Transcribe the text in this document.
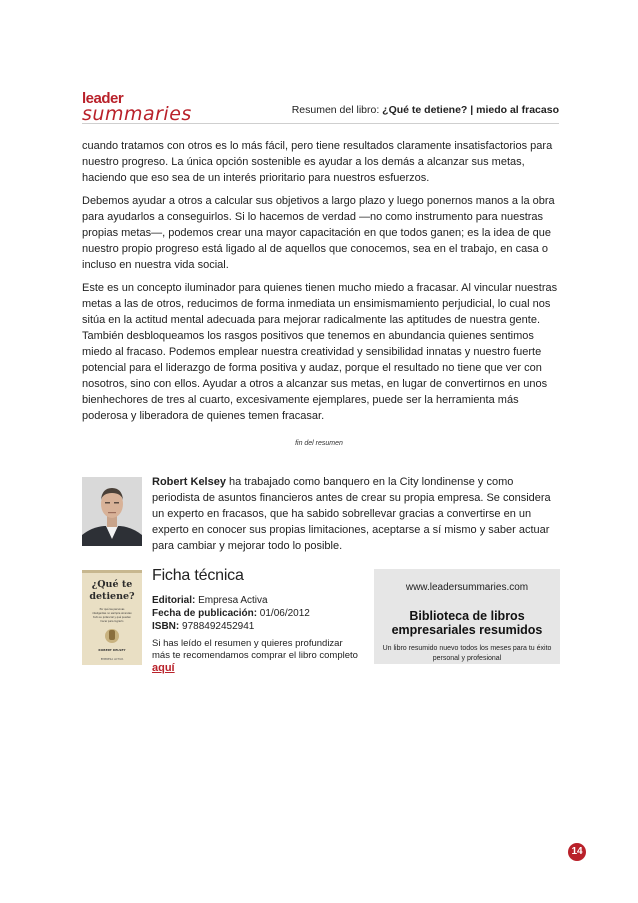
leader
summaries	Resumen del libro: ¿Qué te detiene? | miedo al fracaso

cuando tratamos con otros es lo más fácil, pero tiene resultados claramente insatisfactorios para nuestro progreso. La única opción sostenible es ayudar a los demás a alcanzar sus metas, haciendo que eso sea de un interés prioritario para nuestros esfuerzos.

Debemos ayudar a otros a calcular sus objetivos a largo plazo y luego ponernos manos a la obra para ayudarlos a conseguirlos. Si lo hacemos de verdad —no como instrumento para nuestras propias metas—, podemos crear una mayor capacitación en que todos ganen; es la idea de que nuestro propio progreso está ligado al de aquellos que conocemos, sea en el trabajo, en casa o incluso en nuestra vida social.

Este es un concepto iluminador para quienes tienen mucho miedo a fracasar. Al vincular nuestras metas a las de otros, reducimos de forma inmediata un ensimismamiento perjudicial, lo cual nos sitúa en la actitud mental adecuada para mejorar radicalmente las aptitudes de nuestra gente. También desbloqueamos los rasgos positivos que tenemos en abundancia quienes sentimos miedo al fracaso. Podemos emplear nuestra creatividad y sensibilidad innatas y nuestro fuerte potencial para el liderazgo de forma positiva y audaz, porque el resultado no tiene que ver con nosotros, sino con ellos. Ayudar a otros a alcanzar sus metas, en lugar de convertirnos en unos bienhechores de tres al cuarto, excesivamente ejemplares, puede ser la herramienta más poderosa y liberadora de quienes temen fracasar.

fin del resumen
Robert Kelsey ha trabajado como banquero en la City londinense y como periodista de asuntos financieros antes de crear su propia empresa. Se considera un experto en fracasos, que ha sabido sobrellevar gracias a convertirse en un experto en conocer sus propias limitaciones, aceptarse a sí mismo y saber actuar para cambiar y mejorar todo lo posible.
¿Qué te
detiene?
Por qué las personas
inteligentes no siempre alcanzan
todo su potencial y qué pueden
hacer para lograrlo
ROBERT KELSEY
EMPRESA ACTIVA
Ficha técnica

Editorial: Empresa Activa

Fecha de publicación: 01/06/2012

ISBN: 9788492452941

Si has leído el resumen y quieres profundizar más te recomendamos comprar el libro completo aquí
www.leadersummaries.com
Biblioteca de libros empresariales resumidos
Un libro resumido nuevo todos los meses para tu éxito personal y profesional
14
